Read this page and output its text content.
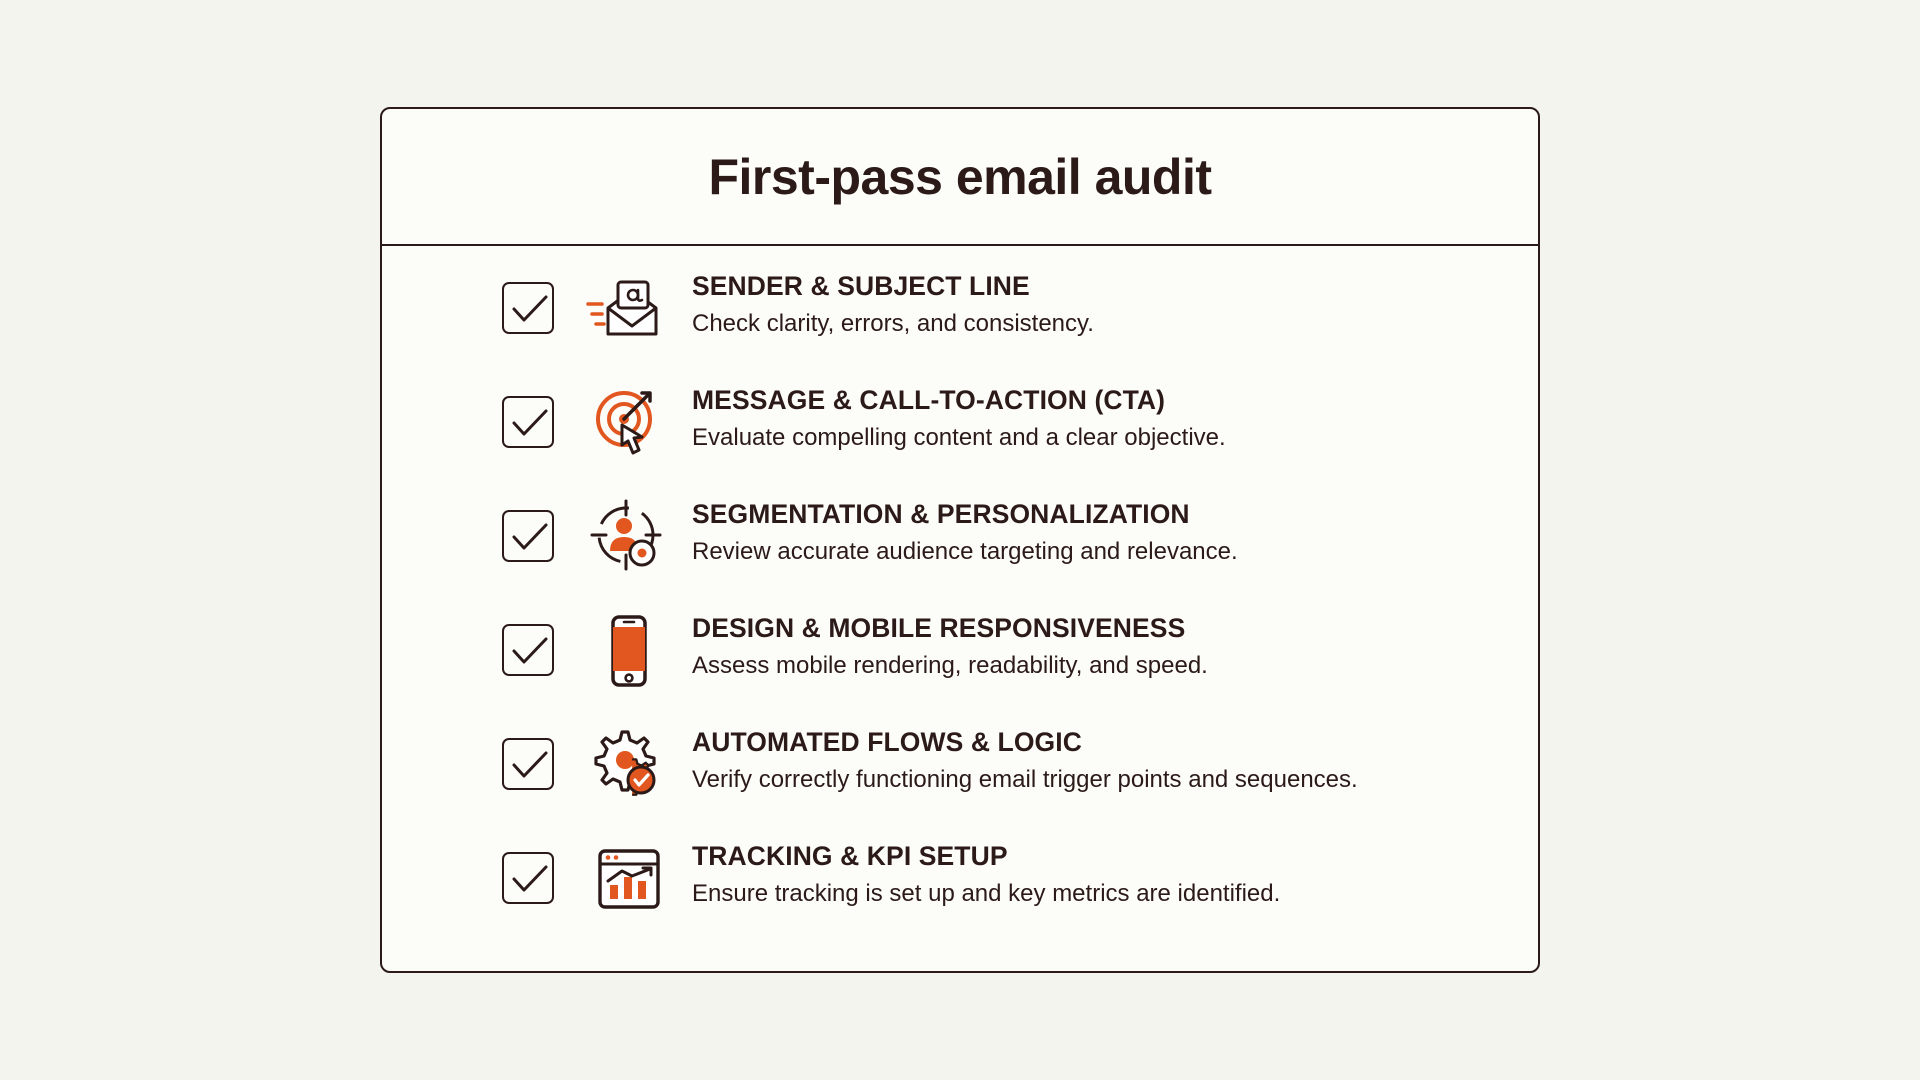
First-pass email audit
SENDER & SUBJECT LINE
Check clarity, errors, and consistency.
MESSAGE & CALL-TO-ACTION (CTA)
Evaluate compelling content and a clear objective.
SEGMENTATION & PERSONALIZATION
Review accurate audience targeting and relevance.
DESIGN & MOBILE RESPONSIVENESS
Assess mobile rendering, readability, and speed.
AUTOMATED FLOWS & LOGIC
Verify correctly functioning email trigger points and sequences.
TRACKING & KPI SETUP
Ensure tracking is set up and key metrics are identified.
